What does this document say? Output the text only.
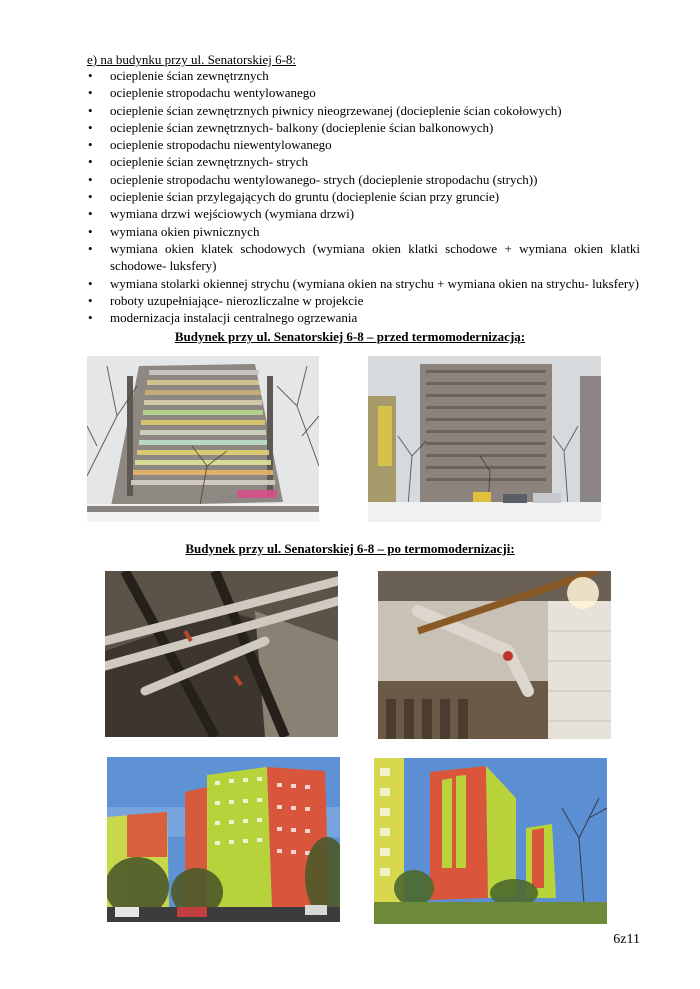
e) na budynku przy ul. Senatorskiej 6-8:
• ocieplenie ścian zewnętrznych
• ocieplenie stropodachu wentylowanego
• ocieplenie ścian zewnętrznych piwnicy nieogrzewanej (docieplenie ścian cokołowych)
• ocieplenie ścian zewnętrznych- balkony (docieplenie ścian balkonowych)
• ocieplenie stropodachu niewentylowanego
• ocieplenie ścian zewnętrznych- strych
• ocieplenie stropodachu wentylowanego- strych (docieplenie stropodachu (strych))
• ocieplenie ścian przylegających do gruntu (docieplenie ścian przy gruncie)
• wymiana drzwi wejściowych (wymiana drzwi)
• wymiana okien piwnicznych
• wymiana okien klatek schodowych (wymiana okien klatki schodowe + wymiana okien klatki schodowe- luksfery)
• wymiana stolarki okiennej strychu (wymiana okien na strychu + wymiana okien na strychu- luksfery)
• roboty uzupełniające- nierozliczalne w projekcie
• modernizacja instalacji centralnego ogrzewania
Budynek przy ul. Senatorskiej 6-8 – przed termomodernizacją:
Budynek przy ul. Senatorskiej 6-8 – po termomodernizacji:
6z11
